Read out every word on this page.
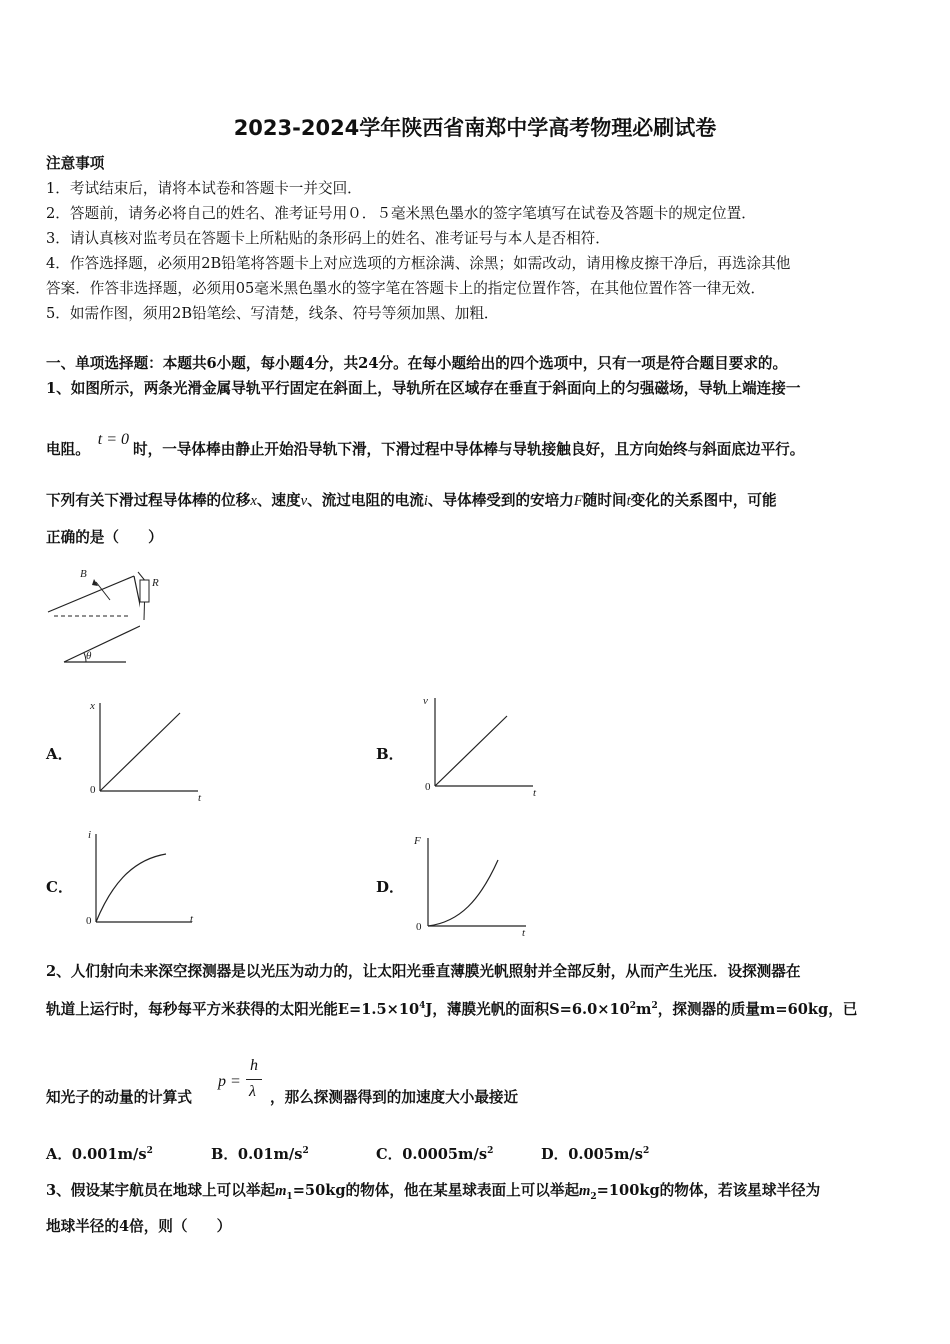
2023-2024学年陕西省南郑中学高考物理必刷试卷
注意事项
1．考试结束后，请将本试卷和答题卡一并交回．
2．答题前，请务必将自己的姓名、准考证号用０．５毫米黑色墨水的签字笔填写在试卷及答题卡的规定位置．
3．请认真核对监考员在答题卡上所粘贴的条形码上的姓名、准考证号与本人是否相符．
4．作答选择题，必须用2B铅笔将答题卡上对应选项的方框涂满、涂黑；如需改动，请用橡皮擦干净后，再选涂其他
答案．作答非选择题，必须用05毫米黑色墨水的签字笔在答题卡上的指定位置作答，在其他位置作答一律无效．
5．如需作图，须用2B铅笔绘、写清楚，线条、符号等须加黑、加粗．
一、单项选择题：本题共6小题，每小题4分，共24分。在每小题给出的四个选项中，只有一项是符合题目要求的。
1、如图所示，两条光滑金属导轨平行固定在斜面上，导轨所在区域存在垂直于斜面向上的匀强磁场，导轨上端连接一
电阻。t = 0时，一导体棒由静止开始沿导轨下滑，下滑过程中导体棒与导轨接触良好，且方向始终与斜面底边平行。
下列有关下滑过程导体棒的位移x、速度v、流过电阻的电流i、导体棒受到的安培力F随时间t变化的关系图中，可能
正确的是（　　）
B
θ
R
A．
x
t
0
B．
v
t
0
C．
i
t
0
D．
F
t
0
2、人们射向未来深空探测器是以光压为动力的，让太阳光垂直薄膜光帆照射并全部反射，从而产生光压．设探测器在
轨道上运行时，每秒每平方米获得的太阳光能$E=1.5\times 10^4J$，薄膜光帆的面积$S=6.0\times 10^2m^2$，探测器的质量m=60kg，已
知光子的动量的计算式
p =
h
λ ，那么探测器得到的加速度大小最接近
A．$0.001m/s^2$	B．$0.01m/s^2$	C．$0.0005m/s^2$	D．$0.005m/s^2$
3、假设某宇航员在地球上可以举起$m_1=50kg$的物体，他在某星球表面上可以举起$m_2=100kg$的物体，若该星球半径为
地球半径的4倍，则（　　）
